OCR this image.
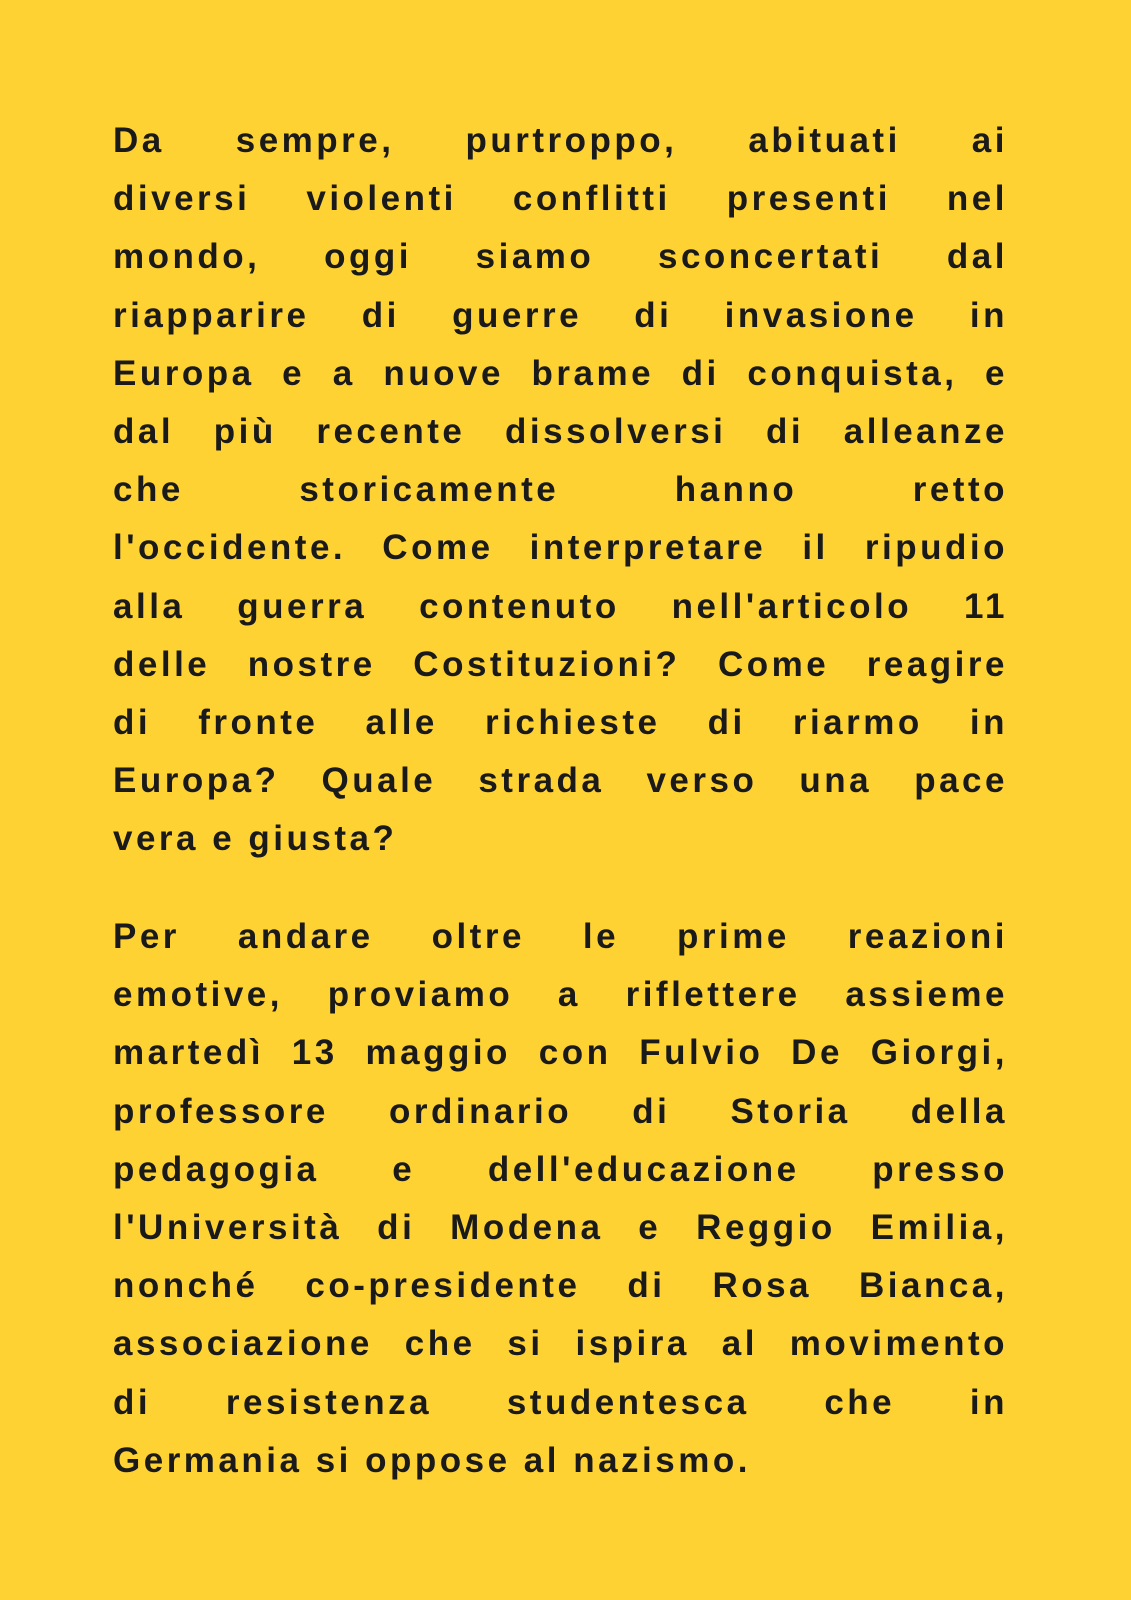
Da sempre, purtroppo, abituati ai
diversi violenti conflitti presenti nel
mondo, oggi siamo sconcertati dal
riapparire di guerre di invasione in
Europa e a nuove brame di conquista, e
dal più recente dissolversi di alleanze
che storicamente hanno retto
l'occidente. Come interpretare il ripudio
alla guerra contenuto nell'articolo 11
delle nostre Costituzioni? Come reagire
di fronte alle richieste di riarmo in
Europa? Quale strada verso una pace
vera e giusta?

Per andare oltre le prime reazioni
emotive, proviamo a riflettere assieme
martedì 13 maggio con Fulvio De Giorgi,
professore ordinario di Storia della
pedagogia e dell'educazione presso
l'Università di Modena e Reggio Emilia,
nonché co-presidente di Rosa Bianca,
associazione che si ispira al movimento
di resistenza studentesca che in
Germania si oppose al nazismo.
